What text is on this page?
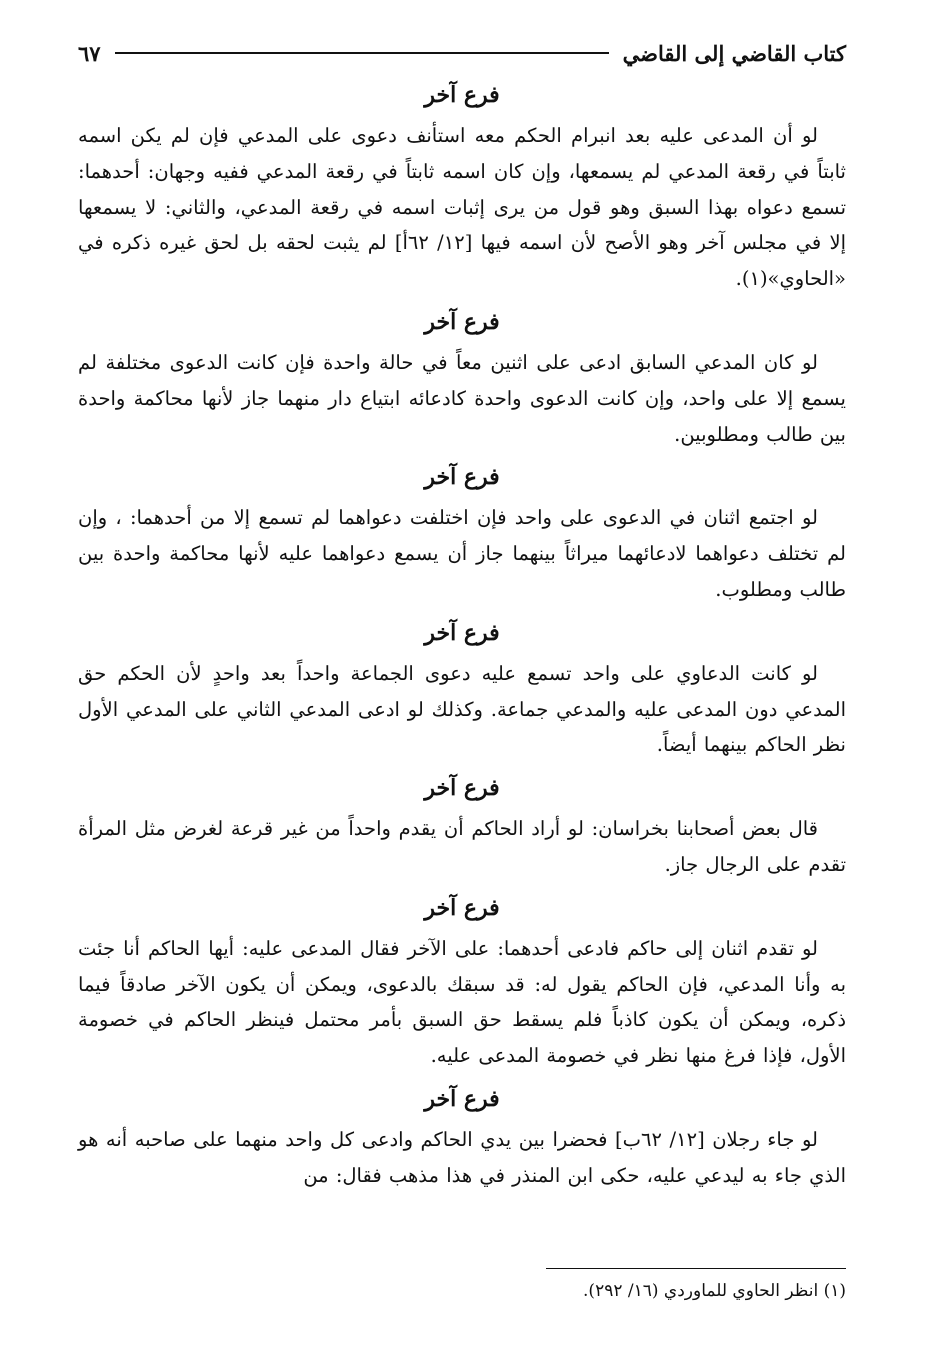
كتاب القاضي إلى القاضي
٦٧
فرع آخر

لو أن المدعى عليه بعد انبرام الحكم معه استأنف دعوى على المدعي فإن لم يكن اسمه ثابتاً في رقعة المدعي لم يسمعها، وإن كان اسمه ثابتاً في رقعة المدعي ففيه وجهان: أحدهما: تسمع دعواه بهذا السبق وهو قول من يرى إثبات اسمه في رقعة المدعي، والثاني: لا يسمعها إلا في مجلس آخر وهو الأصح لأن اسمه فيها [١٢/ ٦٢أ] لم يثبت لحقه بل لحق غيره ذكره في «الحاوي»(١).

فرع آخر

لو كان المدعي السابق ادعى على اثنين معاً في حالة واحدة فإن كانت الدعوى مختلفة لم يسمع إلا على واحد، وإن كانت الدعوى واحدة كادعائه ابتياع دار منهما جاز لأنها محاكمة واحدة بين طالب ومطلوبين.

فرع آخر

لو اجتمع اثنان في الدعوى على واحد فإن اختلفت دعواهما لم تسمع إلا من أحدهما: ، وإن لم تختلف دعواهما لادعائهما ميراثاً بينهما جاز أن يسمع دعواهما عليه لأنها محاكمة واحدة بين طالب ومطلوب.

فرع آخر

لو كانت الدعاوي على واحد تسمع عليه دعوى الجماعة واحداً بعد واحدٍ لأن الحكم حق المدعي دون المدعى عليه والمدعي جماعة. وكذلك لو ادعى المدعي الثاني على المدعي الأول نظر الحاكم بينهما أيضاً.

فرع آخر

قال بعض أصحابنا بخراسان: لو أراد الحاكم أن يقدم واحداً من غير قرعة لغرض مثل المرأة تقدم على الرجال جاز.

فرع آخر

لو تقدم اثنان إلى حاكم فادعى أحدهما: على الآخر فقال المدعى عليه: أيها الحاكم أنا جئت به وأنا المدعي، فإن الحاكم يقول له: قد سبقك بالدعوى، ويمكن أن يكون الآخر صادقاً فيما ذكره، ويمكن أن يكون كاذباً فلم يسقط حق السبق بأمر محتمل فينظر الحاكم في خصومة الأول، فإذا فرغ منها نظر في خصومة المدعى عليه.

فرع آخر

لو جاء رجلان [١٢/ ٦٢ب] فحضرا بين يدي الحاكم وادعى كل واحد منهما على صاحبه أنه هو الذي جاء به ليدعي عليه، حكى ابن المنذر في هذا مذهب فقال: من

(١) انظر الحاوي للماوردي (١٦/ ٢٩٢).
